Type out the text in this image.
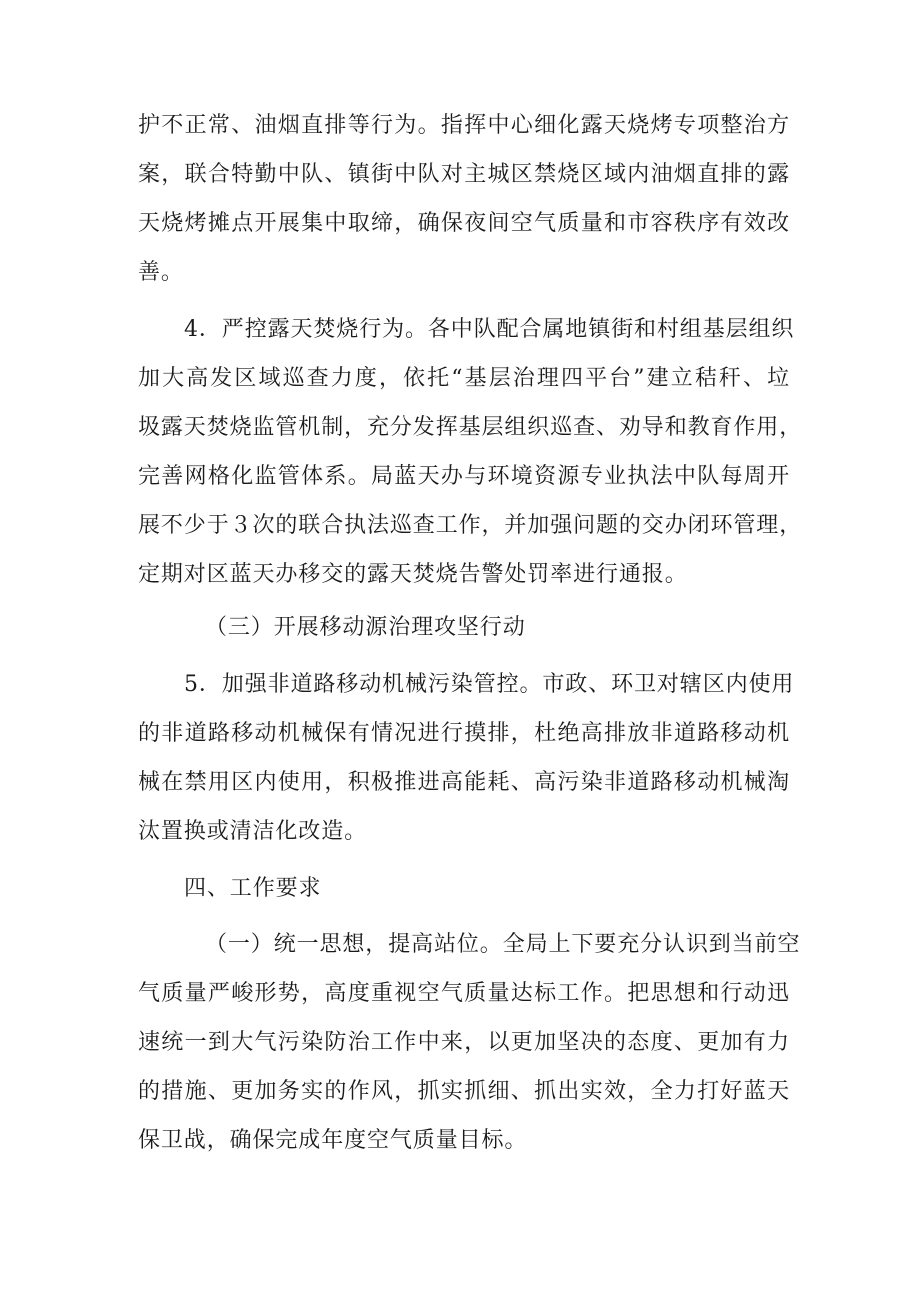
护不正常、油烟直排等行为。指挥中心细化露天烧烤专项整治方
案，联合特勤中队、镇街中队对主城区禁烧区域内油烟直排的露
天烧烤摊点开展集中取缔，确保夜间空气质量和市容秩序有效改
善。
4．严控露天焚烧行为。各中队配合属地镇街和村组基层组织
加大高发区域巡查力度，依托“基层治理四平台”建立秸秆、垃
圾露天焚烧监管机制，充分发挥基层组织巡查、劝导和教育作用，
完善网格化监管体系。局蓝天办与环境资源专业执法中队每周开
展不少于３次的联合执法巡查工作，并加强问题的交办闭环管理，
定期对区蓝天办移交的露天焚烧告警处罚率进行通报。
（三）开展移动源治理攻坚行动
5．加强非道路移动机械污染管控。市政、环卫对辖区内使用
的非道路移动机械保有情况进行摸排，杜绝高排放非道路移动机
械在禁用区内使用，积极推进高能耗、高污染非道路移动机械淘
汰置换或清洁化改造。
四、工作要求
（一）统一思想，提高站位。全局上下要充分认识到当前空
气质量严峻形势，高度重视空气质量达标工作。把思想和行动迅
速统一到大气污染防治工作中来，以更加坚决的态度、更加有力
的措施、更加务实的作风，抓实抓细、抓出实效，全力打好蓝天
保卫战，确保完成年度空气质量目标。
